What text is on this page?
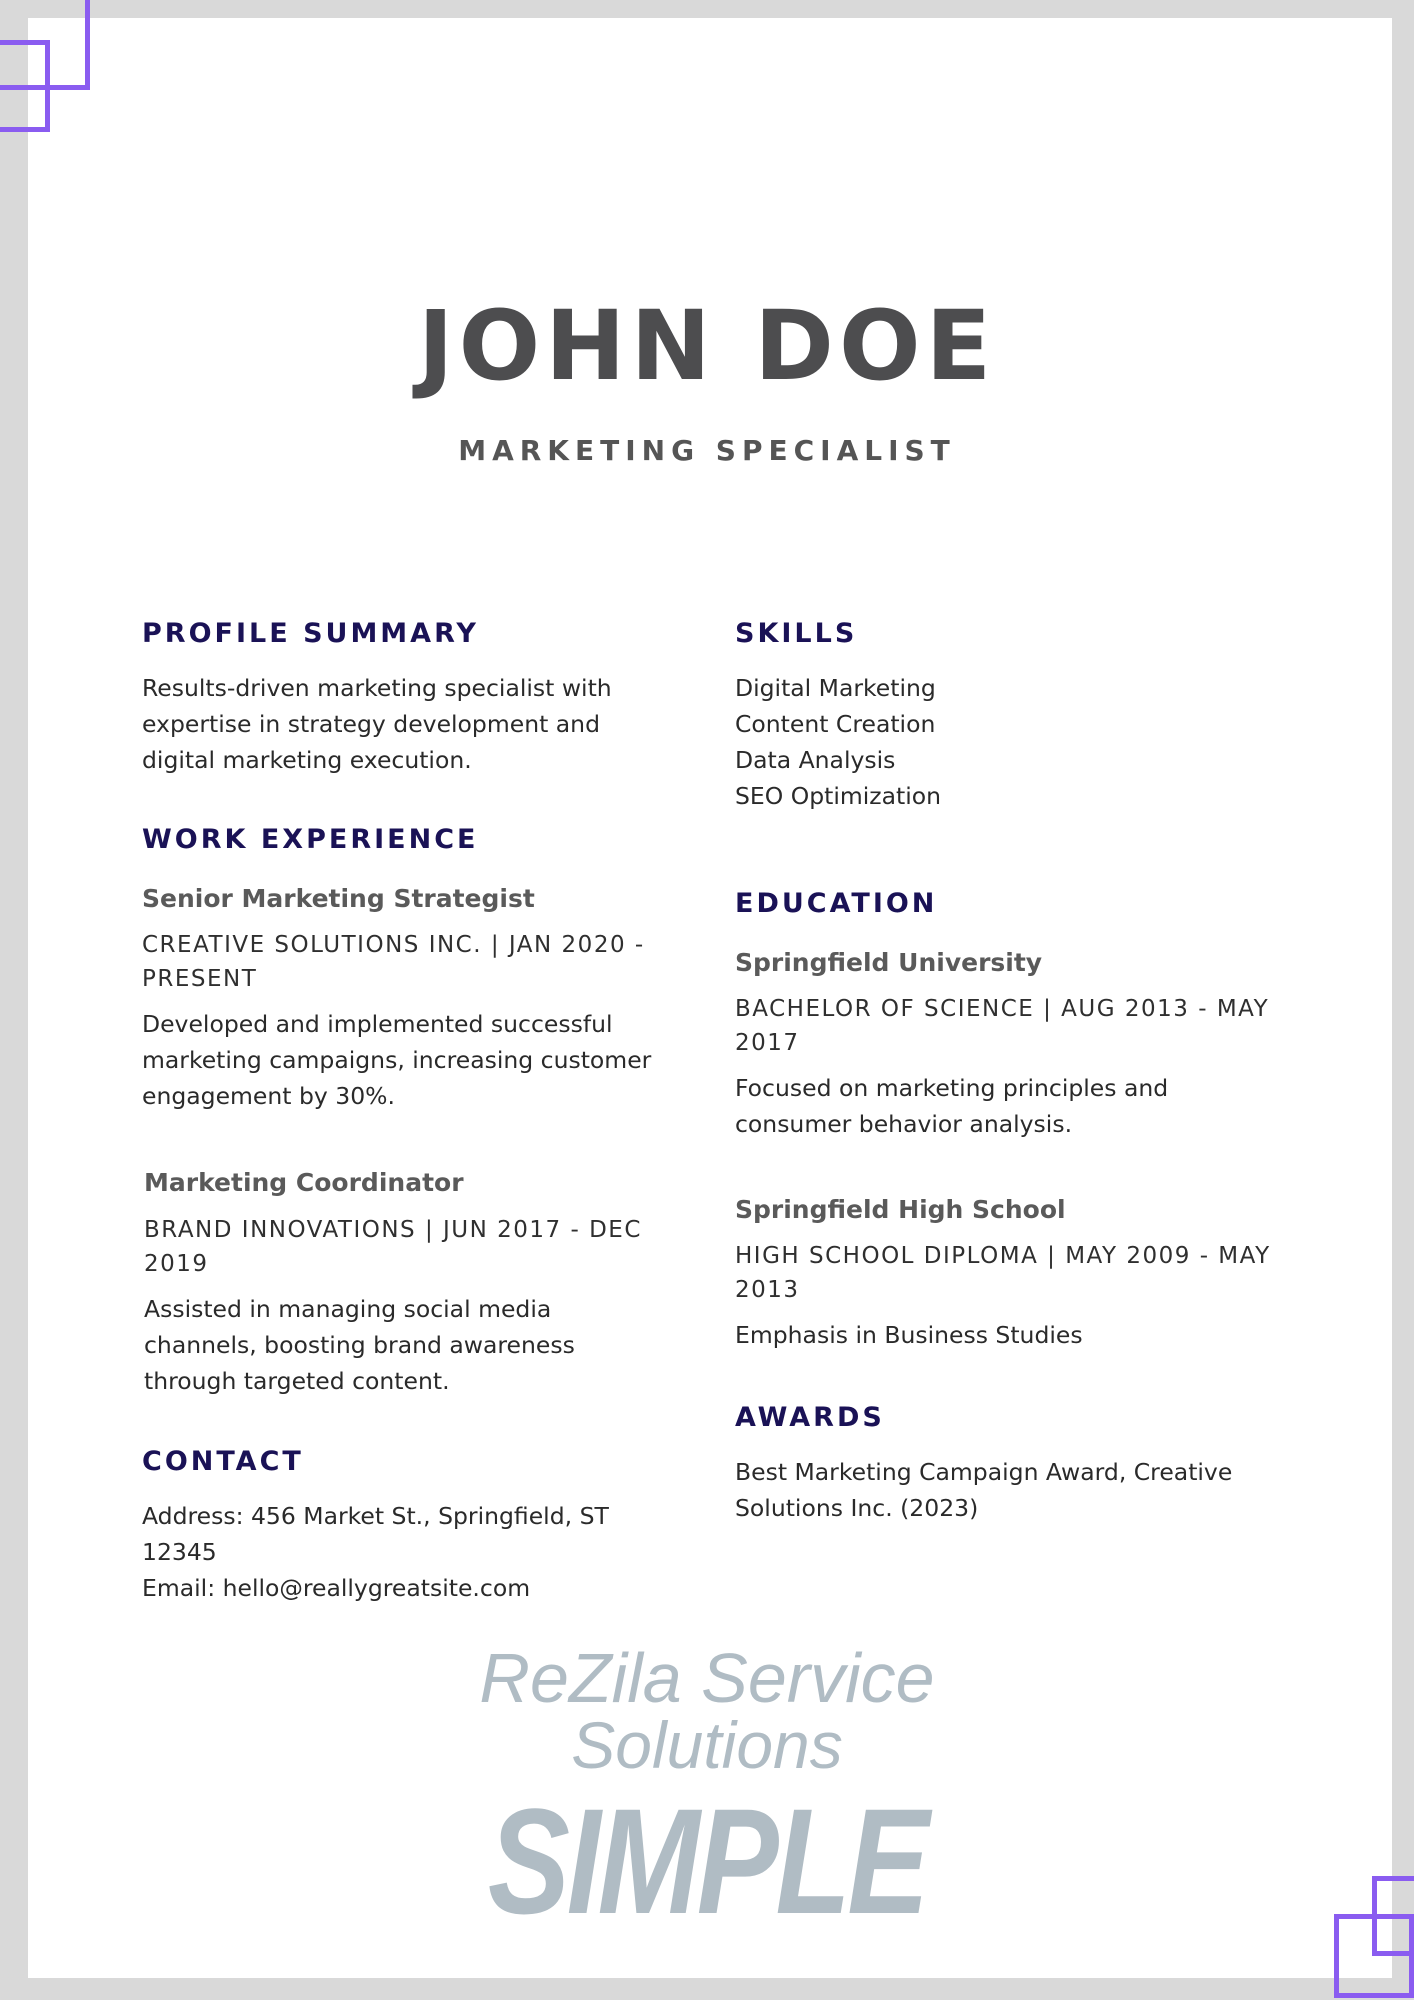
JOHN DOE
MARKETING SPECIALIST
PROFILE SUMMARY
Results-driven marketing specialist with expertise in strategy development and digital marketing execution.
WORK EXPERIENCE
Senior Marketing Strategist
CREATIVE SOLUTIONS INC. | JAN 2020 - PRESENT
Developed and implemented successful marketing campaigns, increasing customer engagement by 30%.
Marketing Coordinator
BRAND INNOVATIONS | JUN 2017 - DEC 2019
Assisted in managing social media channels, boosting brand awareness through targeted content.
CONTACT
Address: 456 Market St., Springfield, ST 12345
Email: hello@reallygreatsite.com
SKILLS
Digital Marketing
Content Creation
Data Analysis
SEO Optimization
EDUCATION
Springfield University
BACHELOR OF SCIENCE | AUG 2013 - MAY 2017
Focused on marketing principles and consumer behavior analysis.
Springfield High School
HIGH SCHOOL DIPLOMA | MAY 2009 - MAY 2013
Emphasis in Business Studies
AWARDS
Best Marketing Campaign Award, Creative Solutions Inc. (2023)
ReZila Service
Solutions
SIMPLE
